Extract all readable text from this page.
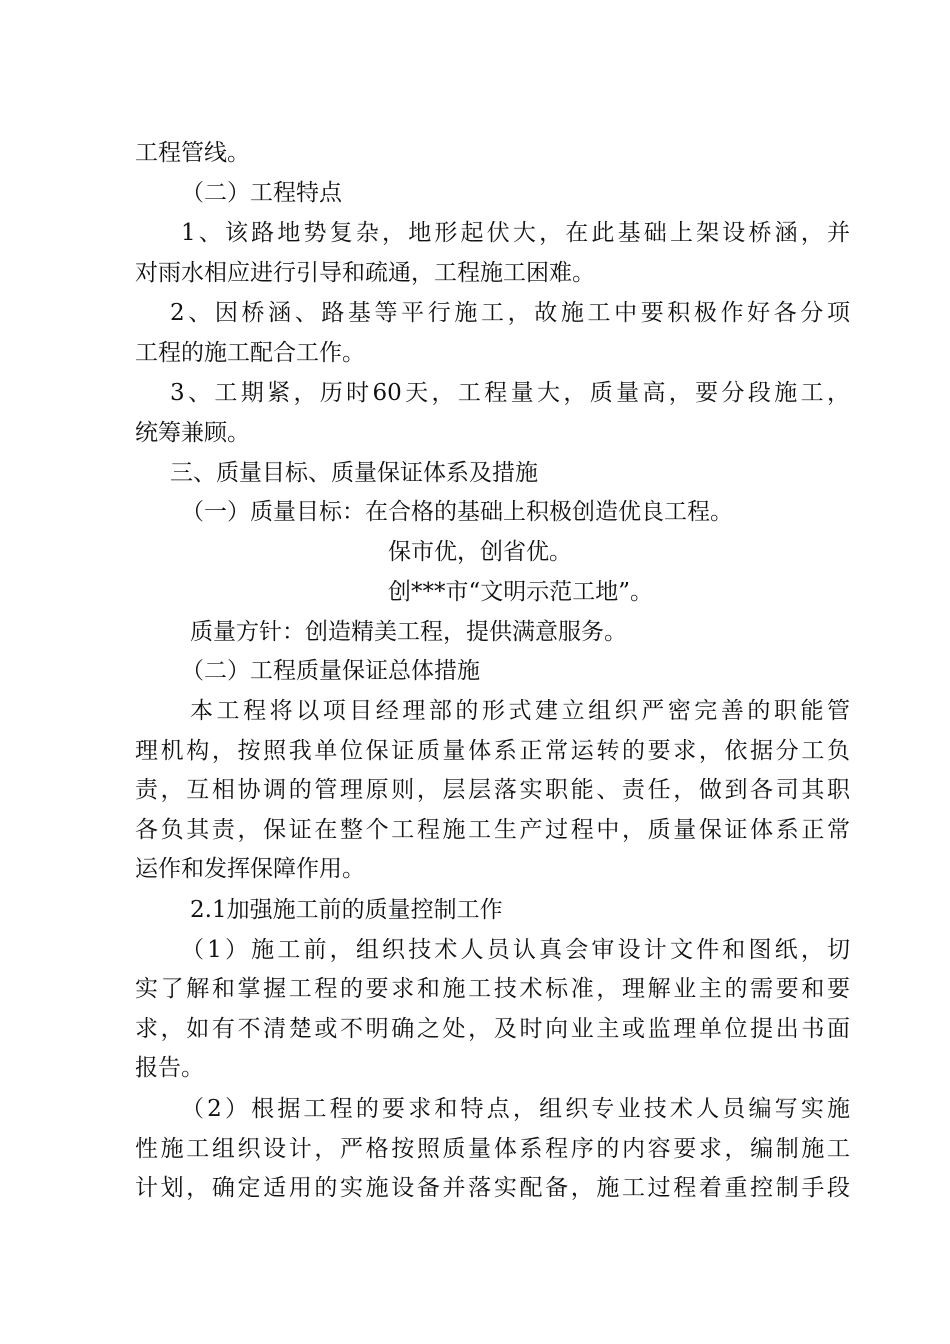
工程管线。

（二）工程特点

1、该路地势复杂，地形起伏大，在此基础上架设桥涵，并

对雨水相应进行引导和疏通，工程施工困难。

2、因桥涵、路基等平行施工，故施工中要积极作好各分项

工程的施工配合工作。

3、工期紧，历时60天，工程量大，质量高，要分段施工，

统筹兼顾。

三、质量目标、质量保证体系及措施

（一）质量目标：在合格的基础上积极创造优良工程。

保市优，创省优。

创***市“文明示范工地”。

质量方针：创造精美工程，提供满意服务。

（二）工程质量保证总体措施

本工程将以项目经理部的形式建立组织严密完善的职能管

理机构，按照我单位保证质量体系正常运转的要求，依据分工负

责，互相协调的管理原则，层层落实职能、责任，做到各司其职

各负其责，保证在整个工程施工生产过程中，质量保证体系正常

运作和发挥保障作用。

2.1加强施工前的质量控制工作

（1）施工前，组织技术人员认真会审设计文件和图纸，切

实了解和掌握工程的要求和施工技术标准，理解业主的需要和要

求，如有不清楚或不明确之处，及时向业主或监理单位提出书面

报告。

（2）根据工程的要求和特点，组织专业技术人员编写实施

性施工组织设计，严格按照质量体系程序的内容要求，编制施工

计划，确定适用的实施设备并落实配备，施工过程着重控制手段
